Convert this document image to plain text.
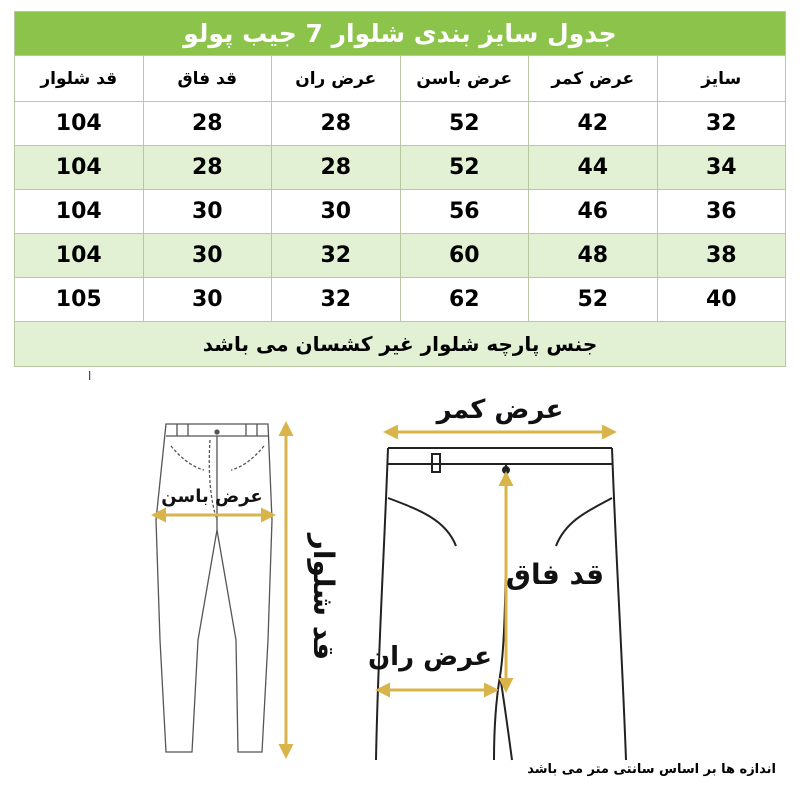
جدول سایز بندی شلوار 7 جیب پولو					
سایز	عرض کمر	عرض باسن	عرض ران	قد فاق	قد شلوار
32	42	52	28	28	104
34	44	52	28	28	104
36	46	56	30	30	104
38	48	60	32	30	104
40	52	62	32	30	105
جنس پارچه شلوار غیر کشسان می باشد					
ا
عرض باسن
قد شلوار
عرض کمر
قد فاق
عرض ران
اندازه ها بر اساس سانتی متر می باشد
